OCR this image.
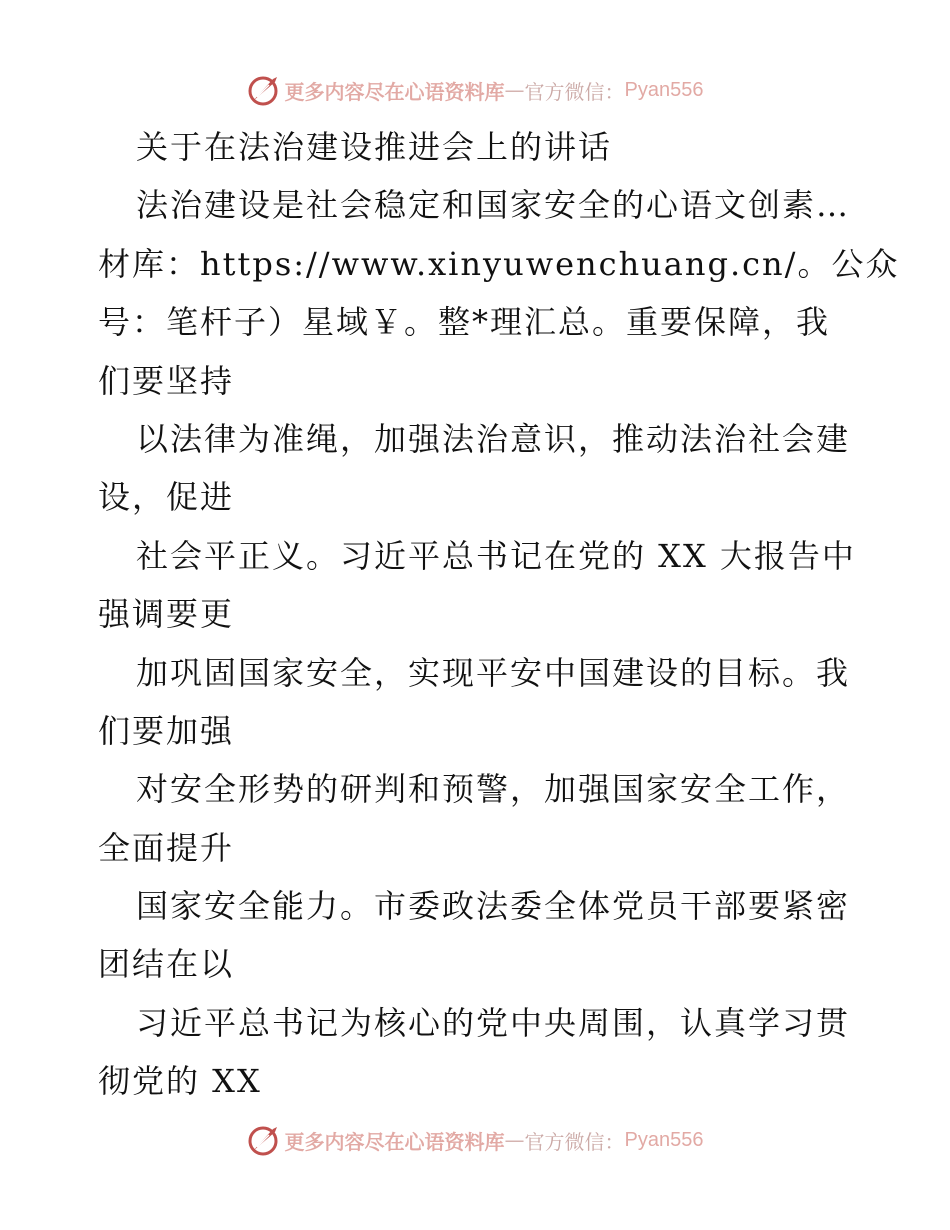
更多内容尽在心语资料库 — 官方微信： Pyan556
关于在法治建设推进会上的讲话
法治建设是社会稳定和国家安全的心语文创素…
材库：https://www.xinyuwenchuang.cn/。公众
号：笔杆子）星域￥。整*理汇总。重要保障，我
们要坚持
以法律为准绳，加强法治意识，推动法治社会建
设，促进
社会平正义。习近平总书记在党的 XX 大报告中
强调要更
加巩固国家安全，实现平安中国建设的目标。我
们要加强
对安全形势的研判和预警，加强国家安全工作，
全面提升
国家安全能力。市委政法委全体党员干部要紧密
团结在以
习近平总书记为核心的党中央周围，认真学习贯
彻党的 XX
更多内容尽在心语资料库 — 官方微信： Pyan556
